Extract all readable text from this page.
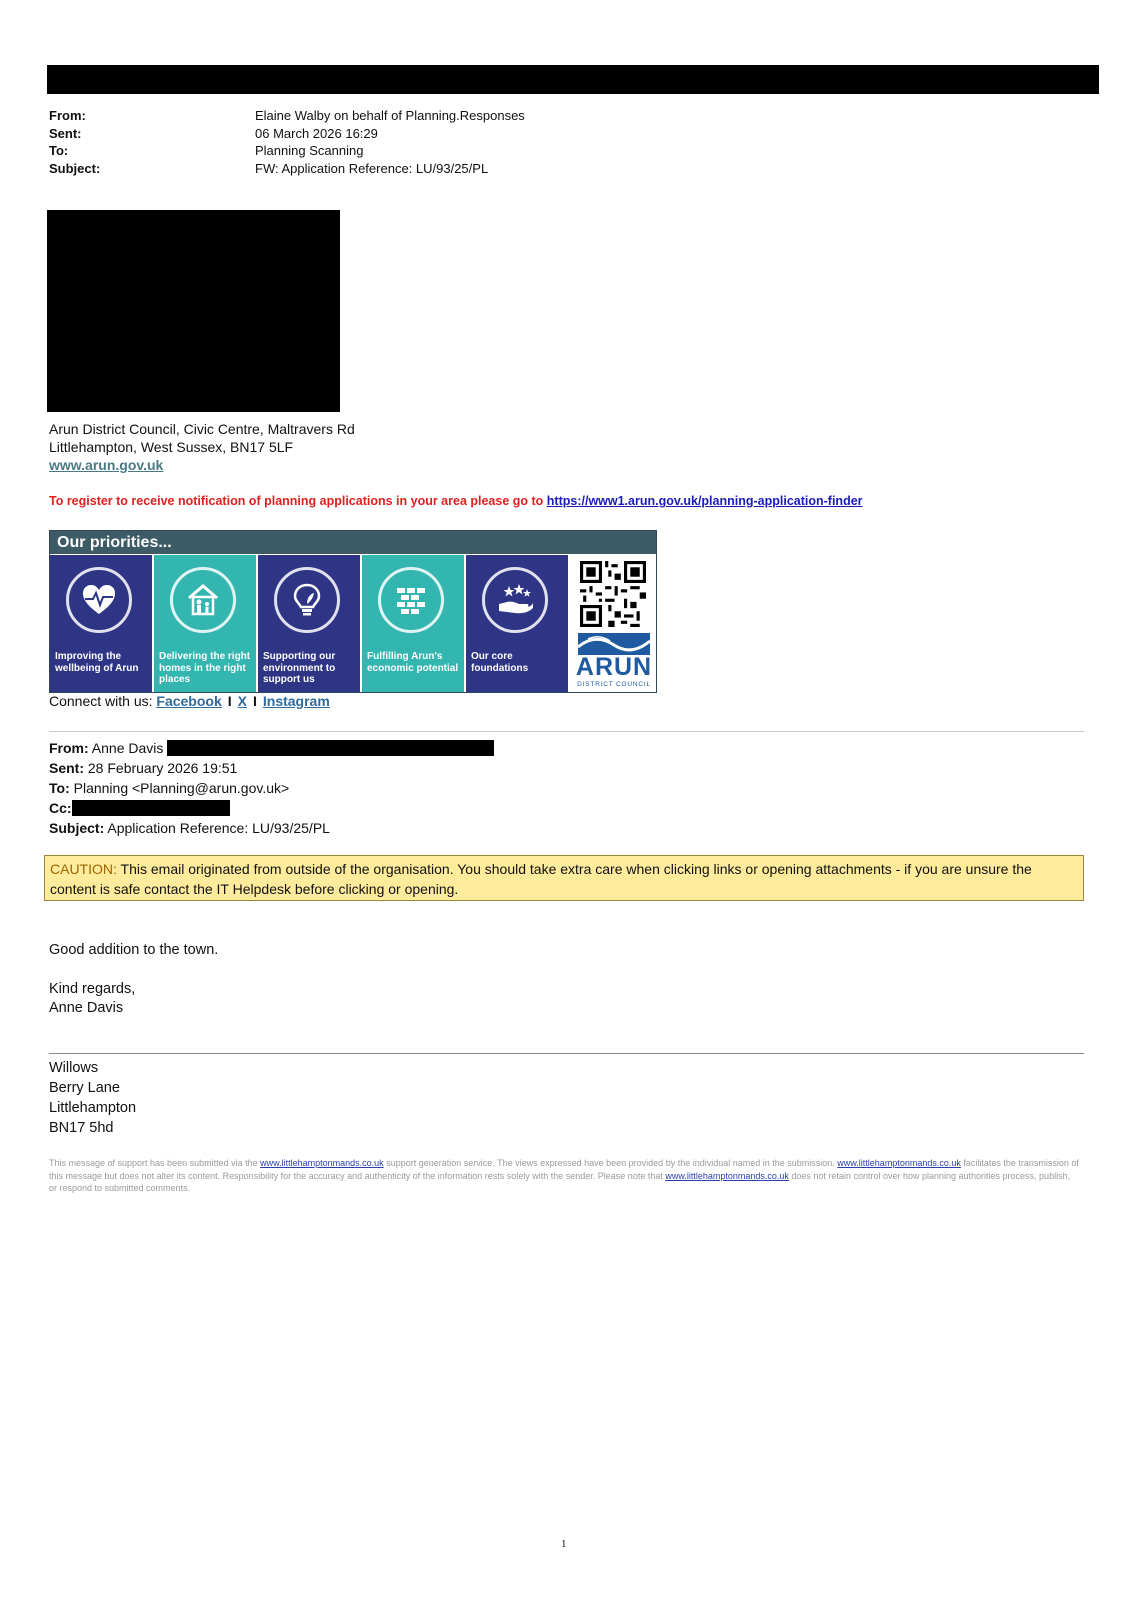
From:	Elaine Walby on behalf of Planning.Responses
Sent:	06 March 2026 16:29
To:	Planning Scanning
Subject:	FW: Application Reference: LU/93/25/PL
Arun District Council, Civic Centre, Maltravers Rd
Littlehampton, West Sussex, BN17 5LF
www.arun.gov.uk
To register to receive notification of planning applications in your area please go to https://www1.arun.gov.uk/planning-application-finder
Our priorities...
Improving the wellbeing of Arun
Delivering the right homes in the right places
Supporting our environment to support us
Fulfilling Arun's economic potential
Our core foundations	ARUN
DISTRICT COUNCIL
Connect with us: Facebook I X I Instagram
From: Anne Davis
Sent: 28 February 2026 19:51
To: Planning <Planning@arun.gov.uk>
Cc:
Subject: Application Reference: LU/93/25/PL
CAUTION: This email originated from outside of the organisation. You should take extra care when clicking links or opening attachments - if you are unsure the content is safe contact the IT Helpdesk before clicking or opening.
Good addition to the town.
Kind regards,
Anne Davis
Willows
Berry Lane
Littlehampton
BN17 5hd
This message of support has been submitted via the www.littlehamptonmands.co.uk support generation service. The views expressed have been provided by the individual named in the submission. www.littlehamptonmands.co.uk facilitates the transmission of this message but does not alter its content. Responsibility for the accuracy and authenticity of the information rests solely with the sender. Please note that www.littlehamptonmands.co.uk does not retain control over how planning authorities process, publish, or respond to submitted comments.
1
